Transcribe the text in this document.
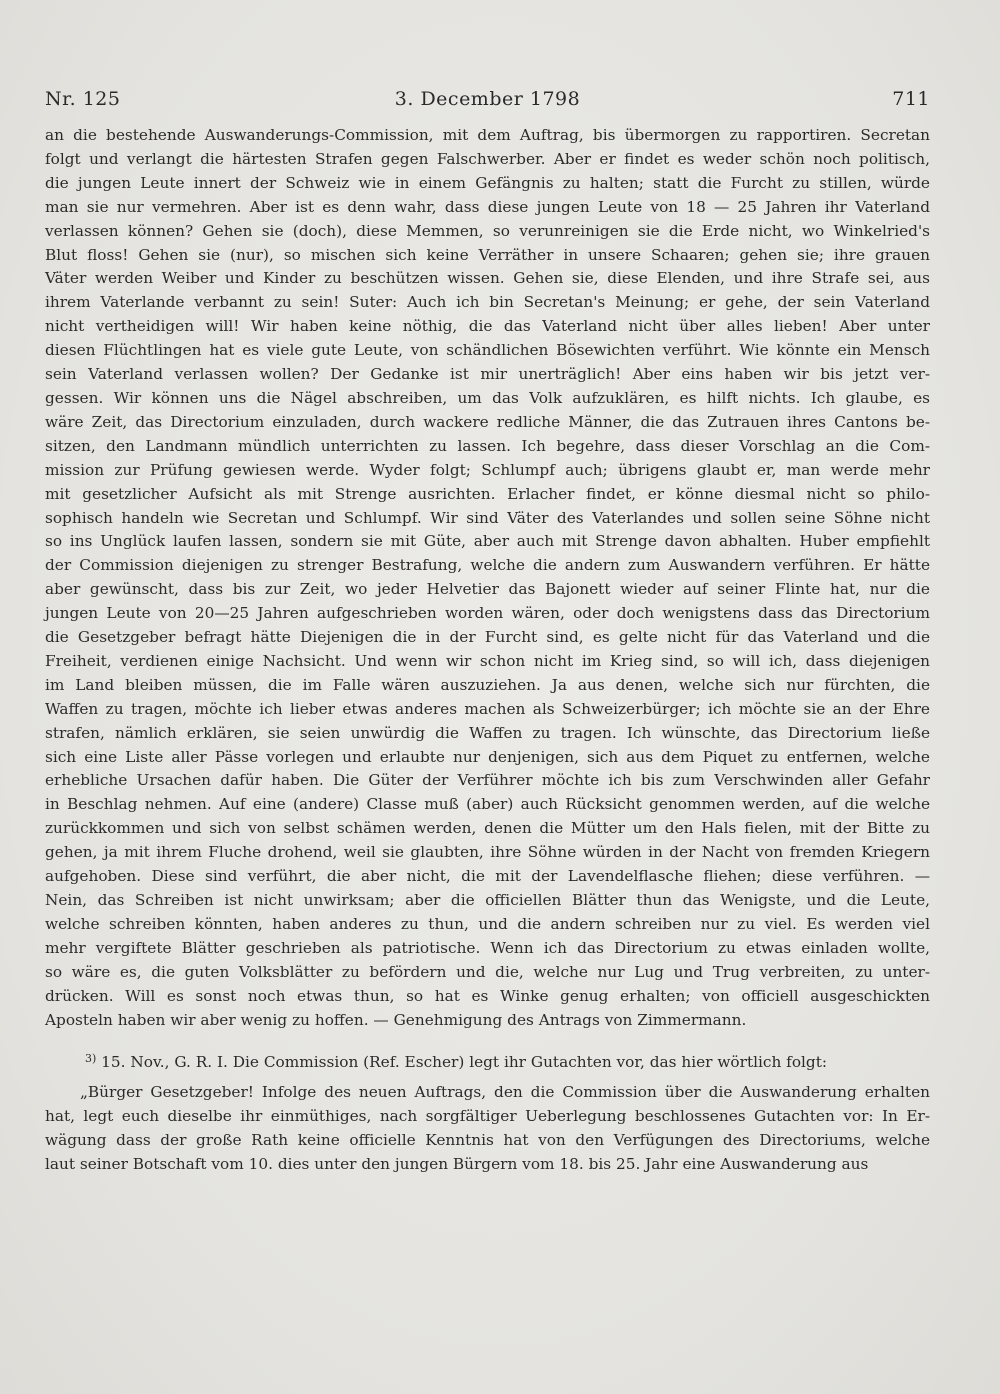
Nr. 125	3. December 1798	711
an die bestehende Auswanderungs-Commission, mit dem Auftrag, bis übermorgen zu rapportiren. Secretan
folgt und verlangt die härtesten Strafen gegen Falschwerber. Aber er findet es weder schön noch politisch,
die jungen Leute innert der Schweiz wie in einem Gefängnis zu halten; statt die Furcht zu stillen, würde
man sie nur vermehren. Aber ist es denn wahr, dass diese jungen Leute von 18 — 25 Jahren ihr Vaterland
verlassen können? Gehen sie (doch), diese Memmen, so verunreinigen sie die Erde nicht, wo Winkelried's
Blut floss! Gehen sie (nur), so mischen sich keine Verräther in unsere Schaaren; gehen sie; ihre grauen
Väter werden Weiber und Kinder zu beschützen wissen. Gehen sie, diese Elenden, und ihre Strafe sei, aus
ihrem Vaterlande verbannt zu sein! Suter: Auch ich bin Secretan's Meinung; er gehe, der sein Vaterland
nicht vertheidigen will! Wir haben keine nöthig, die das Vaterland nicht über alles lieben! Aber unter
diesen Flüchtlingen hat es viele gute Leute, von schändlichen Bösewichten verführt. Wie könnte ein Mensch
sein Vaterland verlassen wollen? Der Gedanke ist mir unerträglich! Aber eins haben wir bis jetzt ver-
gessen. Wir können uns die Nägel abschreiben, um das Volk aufzuklären, es hilft nichts. Ich glaube, es
wäre Zeit, das Directorium einzuladen, durch wackere redliche Männer, die das Zutrauen ihres Cantons be-
sitzen, den Landmann mündlich unterrichten zu lassen. Ich begehre, dass dieser Vorschlag an die Com-
mission zur Prüfung gewiesen werde. Wyder folgt; Schlumpf auch; übrigens glaubt er, man werde mehr
mit gesetzlicher Aufsicht als mit Strenge ausrichten. Erlacher findet, er könne diesmal nicht so philo-
sophisch handeln wie Secretan und Schlumpf. Wir sind Väter des Vaterlandes und sollen seine Söhne nicht
so ins Unglück laufen lassen, sondern sie mit Güte, aber auch mit Strenge davon abhalten. Huber empfiehlt
der Commission diejenigen zu strenger Bestrafung, welche die andern zum Auswandern verführen. Er hätte
aber gewünscht, dass bis zur Zeit, wo jeder Helvetier das Bajonett wieder auf seiner Flinte hat, nur die
jungen Leute von 20—25 Jahren aufgeschrieben worden wären, oder doch wenigstens dass das Directorium
die Gesetzgeber befragt hätte Diejenigen die in der Furcht sind, es gelte nicht für das Vaterland und die
Freiheit, verdienen einige Nachsicht. Und wenn wir schon nicht im Krieg sind, so will ich, dass diejenigen
im Land bleiben müssen, die im Falle wären auszuziehen. Ja aus denen, welche sich nur fürchten, die
Waffen zu tragen, möchte ich lieber etwas anderes machen als Schweizerbürger; ich möchte sie an der Ehre
strafen, nämlich erklären, sie seien unwürdig die Waffen zu tragen. Ich wünschte, das Directorium ließe
sich eine Liste aller Pässe vorlegen und erlaubte nur denjenigen, sich aus dem Piquet zu entfernen, welche
erhebliche Ursachen dafür haben. Die Güter der Verführer möchte ich bis zum Verschwinden aller Gefahr
in Beschlag nehmen. Auf eine (andere) Classe muß (aber) auch Rücksicht genommen werden, auf die welche
zurückkommen und sich von selbst schämen werden, denen die Mütter um den Hals fielen, mit der Bitte zu
gehen, ja mit ihrem Fluche drohend, weil sie glaubten, ihre Söhne würden in der Nacht von fremden Kriegern
aufgehoben. Diese sind verführt, die aber nicht, die mit der Lavendelflasche fliehen; diese verführen. —
Nein, das Schreiben ist nicht unwirksam; aber die officiellen Blätter thun das Wenigste, und die Leute,
welche schreiben könnten, haben anderes zu thun, und die andern schreiben nur zu viel. Es werden viel
mehr vergiftete Blätter geschrieben als patriotische. Wenn ich das Directorium zu etwas einladen wollte,
so wäre es, die guten Volksblätter zu befördern und die, welche nur Lug und Trug verbreiten, zu unter-
drücken. Will es sonst noch etwas thun, so hat es Winke genug erhalten; von officiell ausgeschickten
Aposteln haben wir aber wenig zu hoffen. — Genehmigung des Antrags von Zimmermann.
$^{3)}$ 15. Nov., G. R. I. Die Commission (Ref. Escher) legt ihr Gutachten vor, das hier wörtlich folgt:
„Bürger Gesetzgeber! Infolge des neuen Auftrags, den die Commission über die Auswanderung erhalten
hat, legt euch dieselbe ihr einmüthiges, nach sorgfältiger Ueberlegung beschlossenes Gutachten vor: In Er-
wägung dass der große Rath keine officielle Kenntnis hat von den Verfügungen des Directoriums, welche
laut seiner Botschaft vom 10. dies unter den jungen Bürgern vom 18. bis 25. Jahr eine Auswanderung aus
